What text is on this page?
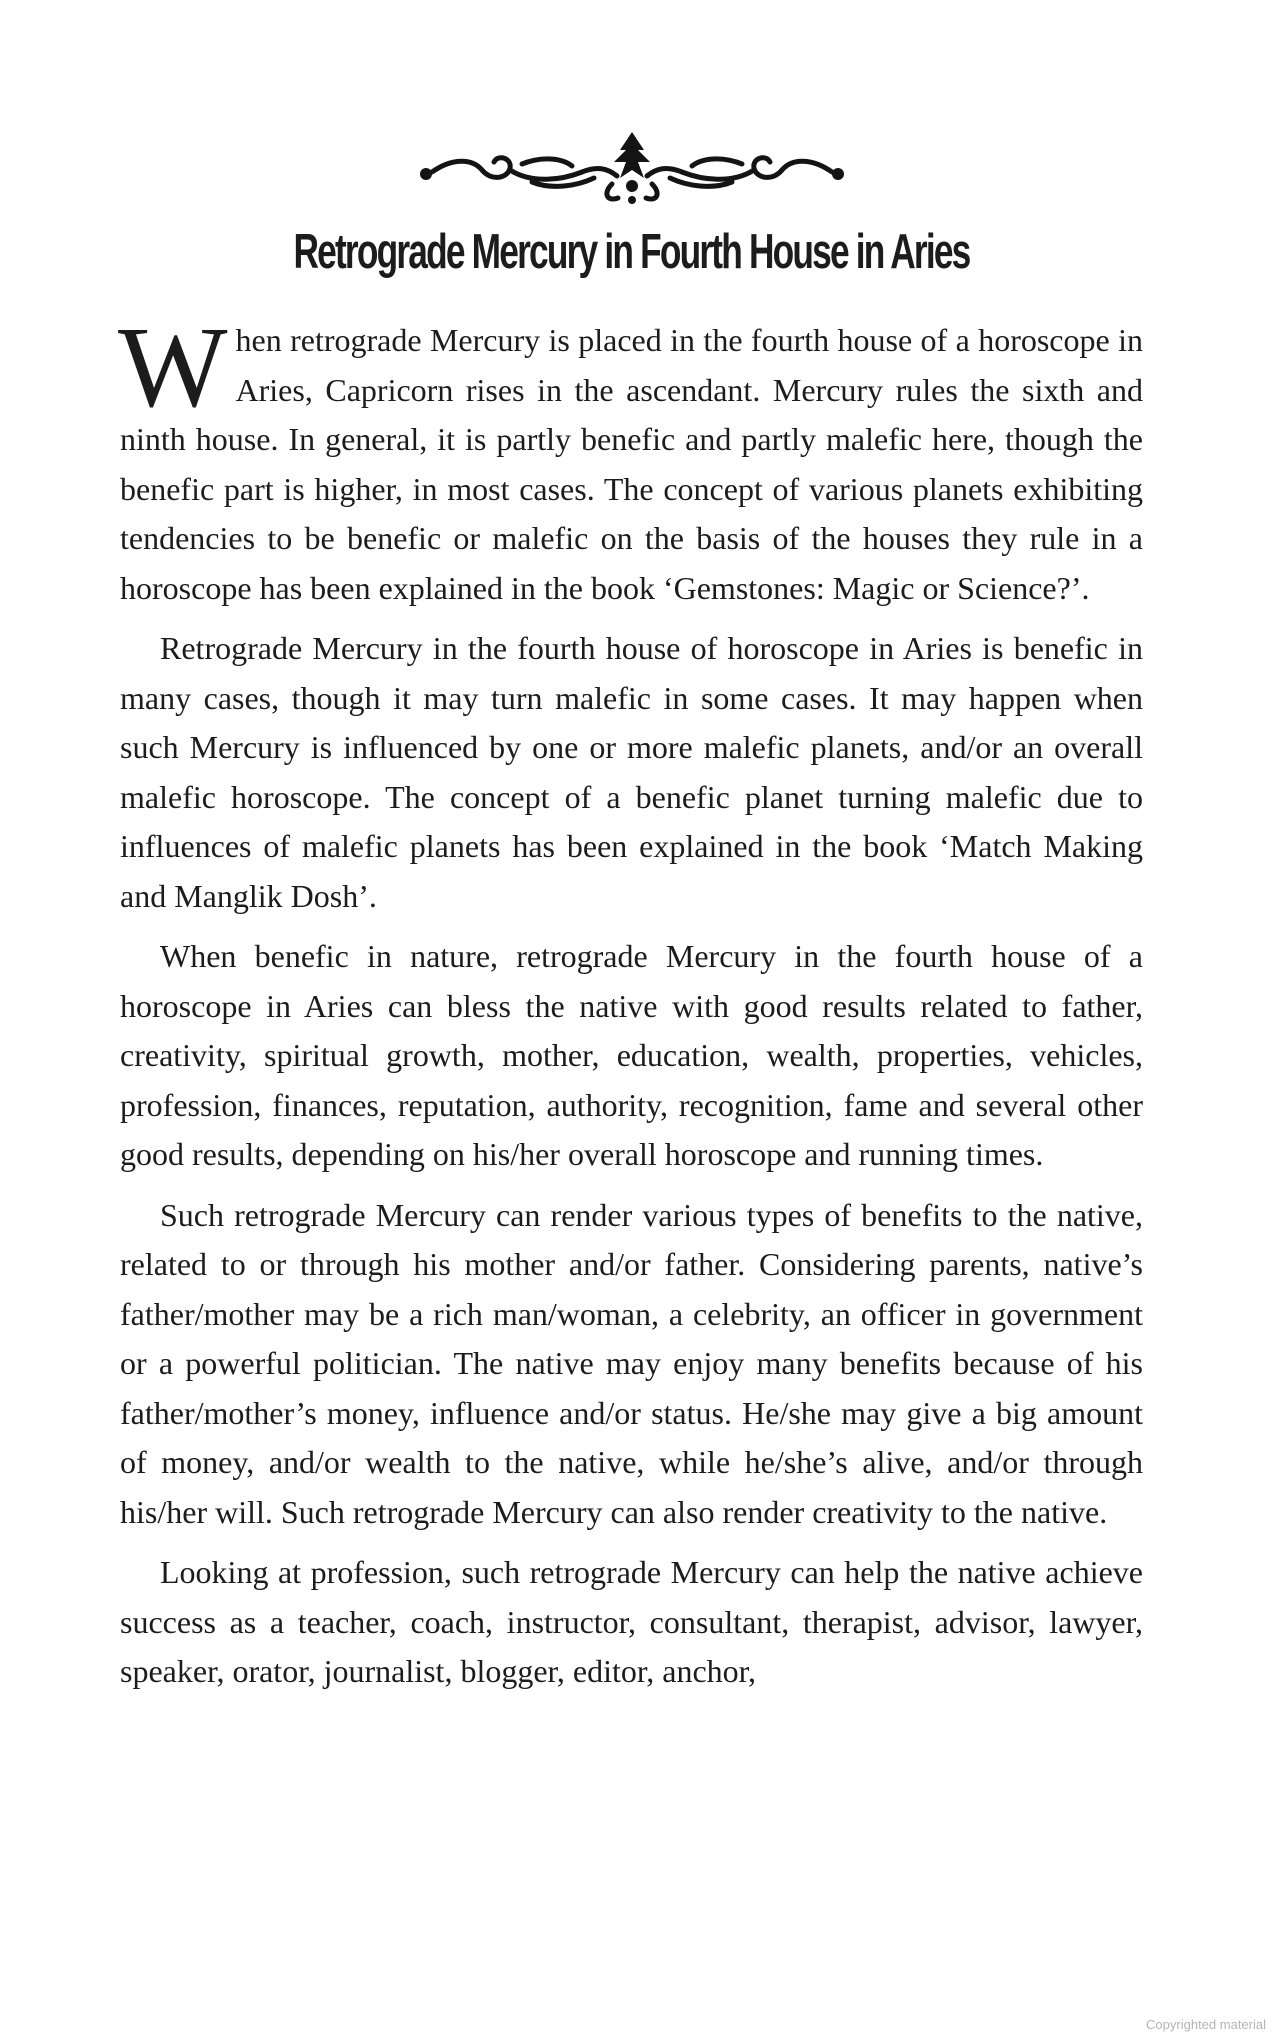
Retrograde Mercury in Fourth House in Aries

When retrograde Mercury is placed in the fourth house of a horoscope in Aries, Capricorn rises in the ascendant. Mercury rules the sixth and ninth house. In general, it is partly benefic and partly malefic here, though the benefic part is higher, in most cases. The concept of various planets exhibiting tendencies to be benefic or malefic on the basis of the houses they rule in a horoscope has been explained in the book ‘Gemstones: Magic or Science?’.

Retrograde Mercury in the fourth house of horoscope in Aries is benefic in many cases, though it may turn malefic in some cases. It may happen when such Mercury is influenced by one or more malefic planets, and/or an overall malefic horoscope. The concept of a benefic planet turning malefic due to influences of malefic planets has been explained in the book ‘Match Making and Manglik Dosh’.

When benefic in nature, retrograde Mercury in the fourth house of a horoscope in Aries can bless the native with good results related to father, creativity, spiritual growth, mother, education, wealth, properties, vehicles, profession, finances, reputation, authority, recognition, fame and several other good results, depending on his/her overall horoscope and running times.

Such retrograde Mercury can render various types of benefits to the native, related to or through his mother and/or father. Considering parents, native’s father/mother may be a rich man/woman, a celebrity, an officer in government or a powerful politician. The native may enjoy many benefits because of his father/mother’s money, influence and/or status. He/she may give a big amount of money, and/or wealth to the native, while he/she’s alive, and/or through his/her will. Such retrograde Mercury can also render creativity to the native.

Looking at profession, such retrograde Mercury can help the native achieve success as a teacher, coach, instructor, consultant, therapist, advisor, lawyer, speaker, orator, journalist, blogger, editor, anchor,

Copyrighted material
